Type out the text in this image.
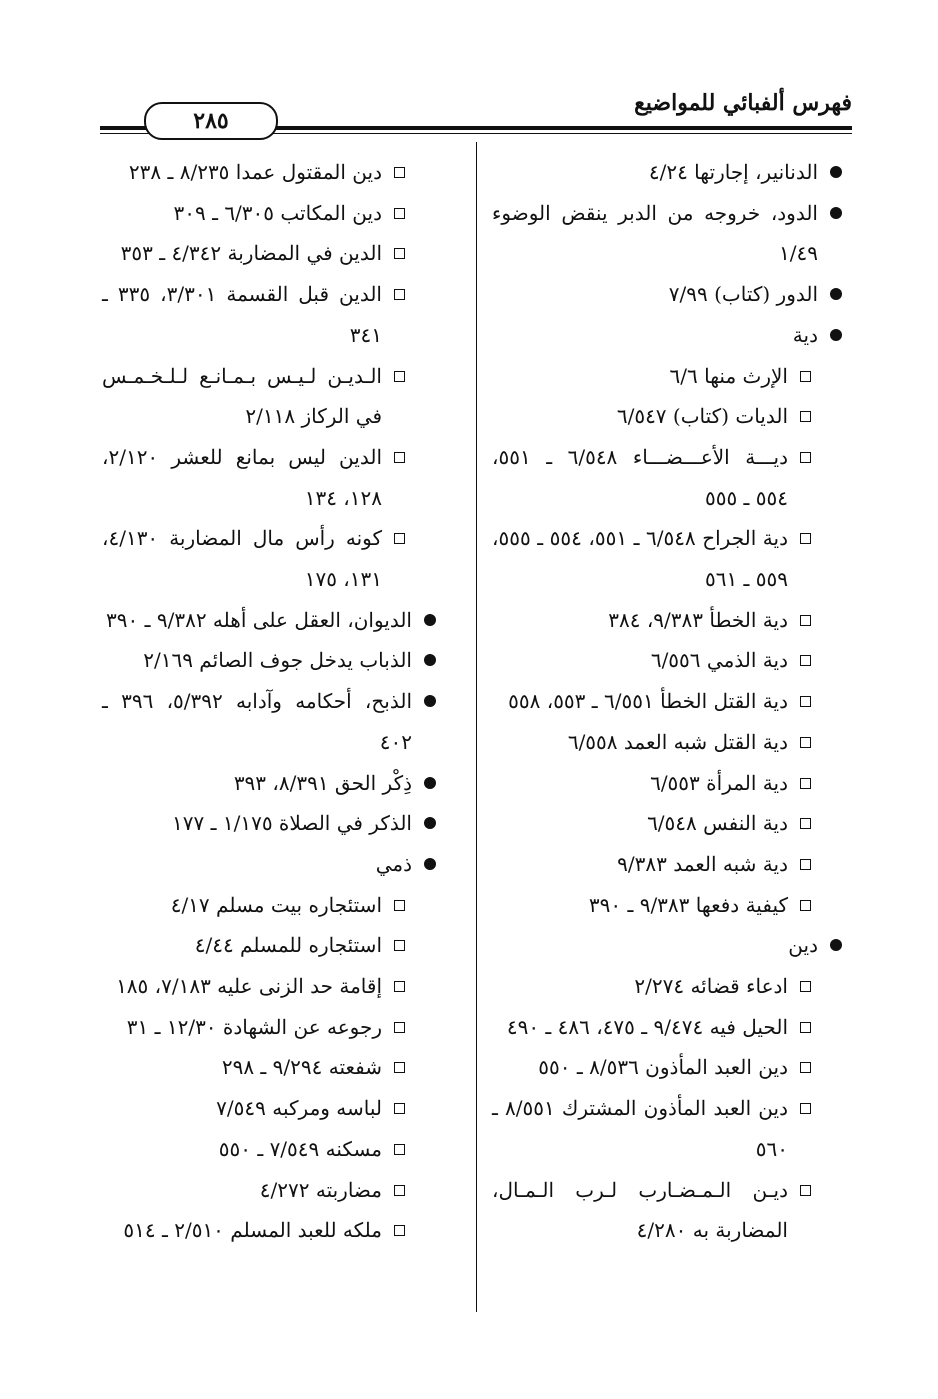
فهرس ألفبائي للمواضيع
٢٨٥
الدنانير، إجارتها ٤/٢٤
الدود، خروجه من الدبر ينقض الوضوء ١/٤٩
الدور (كتاب) ٧/٩٩
دية
الإرث منها ٦/٦
الديات (كتاب) ٦/٥٤٧
ديـــة الأعـــضـــاء ٦/٥٤٨ ـ ٥٥١، ٥٥٤ ـ ٥٥٥
دية الجراح ٦/٥٤٨ ـ ٥٥١، ٥٥٤ ـ ٥٥٥، ٥٥٩ ـ ٥٦١
دية الخطأ ٩/٣٨٣، ٣٨٤
دية الذمي ٦/٥٥٦
دية القتل الخطأ ٦/٥٥١ ـ ٥٥٣، ٥٥٨
دية القتل شبه العمد ٦/٥٥٨
دية المرأة ٦/٥٥٣
دية النفس ٦/٥٤٨
دية شبه العمد ٩/٣٨٣
كيفية دفعها ٩/٣٨٣ ـ ٣٩٠
دين
ادعاء قضائه ٢/٢٧٤
الحيل فيه ٩/٤٧٤ ـ ٤٧٥، ٤٨٦ ـ ٤٩٠
دين العبد المأذون ٨/٥٣٦ ـ ٥٥٠
دين العبد المأذون المشترك ٨/٥٥١ ـ ٥٦٠
ديـن الـمـضـارب لـرب الـمـال، المضاربة به ٤/٢٨٠
دين المقتول عمدا ٨/٢٣٥ ـ ٢٣٨
دين المكاتب ٦/٣٠٥ ـ ٣٠٩
الدين في المضاربة ٤/٣٤٢ ـ ٣٥٣
الدين قبل القسمة ٣/٣٠١، ٣٣٥ ـ ٣٤١
الـديـن لـيـس بـمـانـع لـلـخـمـس في الركاز ٢/١١٨
الدين ليس بمانع للعشر ٢/١٢٠، ١٢٨، ١٣٤
كونه رأس مال المضاربة ٤/١٣٠، ١٣١، ١٧٥
الديوان، العقل على أهله ٩/٣٨٢ ـ ٣٩٠
الذباب يدخل جوف الصائم ٢/١٦٩
الذبح، أحكامه وآدابه ٥/٣٩٢، ٣٩٦ ـ ٤٠٢
ذِكْر الحق ٨/٣٩١، ٣٩٣
الذكر في الصلاة ١/١٧٥ ـ ١٧٧
ذمي
استئجاره بيت مسلم ٤/١٧
استئجاره للمسلم ٤/٤٤
إقامة حد الزنى عليه ٧/١٨٣، ١٨٥
رجوعه عن الشهادة ١٢/٣٠ ـ ٣١
شفعته ٩/٢٩٤ ـ ٢٩٨
لباسه ومركبه ٧/٥٤٩
مسكنه ٧/٥٤٩ ـ ٥٥٠
مضاربته ٤/٢٧٢
ملكه للعبد المسلم ٢/٥١٠ ـ ٥١٤
